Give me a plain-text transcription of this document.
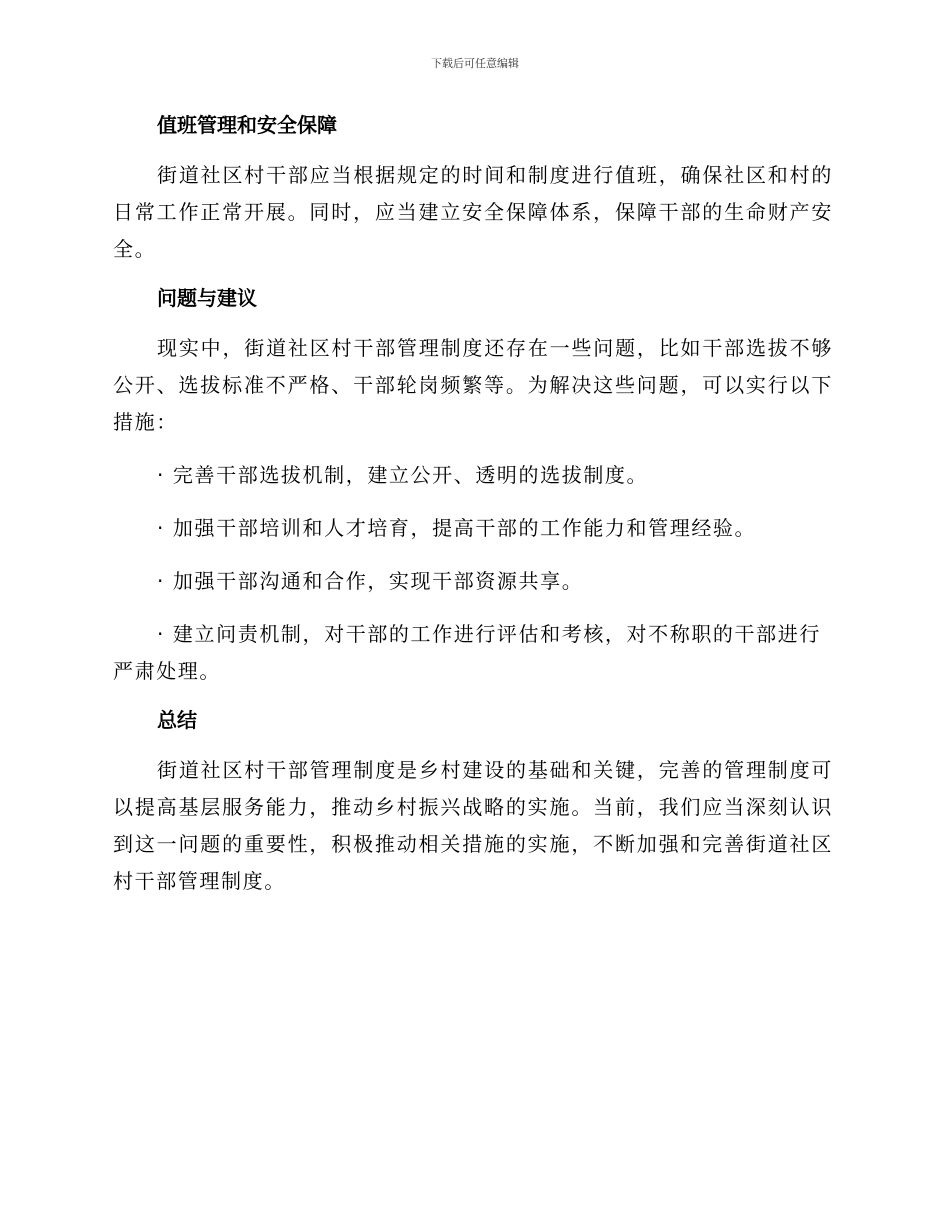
下载后可任意编辑
值班管理和安全保障

街道社区村干部应当根据规定的时间和制度进行值班，确保社区和村的日常工作正常开展。同时，应当建立安全保障体系，保障干部的生命财产安全。

问题与建议

现实中，街道社区村干部管理制度还存在一些问题，比如干部选拔不够公开、选拔标准不严格、干部轮岗频繁等。为解决这些问题，可以实行以下措施：

· 完善干部选拔机制，建立公开、透明的选拔制度。

· 加强干部培训和人才培育，提高干部的工作能力和管理经验。

· 加强干部沟通和合作，实现干部资源共享。

· 建立问责机制，对干部的工作进行评估和考核，对不称职的干部进行严肃处理。

总结

街道社区村干部管理制度是乡村建设的基础和关键，完善的管理制度可以提高基层服务能力，推动乡村振兴战略的实施。当前，我们应当深刻认识到这一问题的重要性，积极推动相关措施的实施，不断加强和完善街道社区村干部管理制度。
